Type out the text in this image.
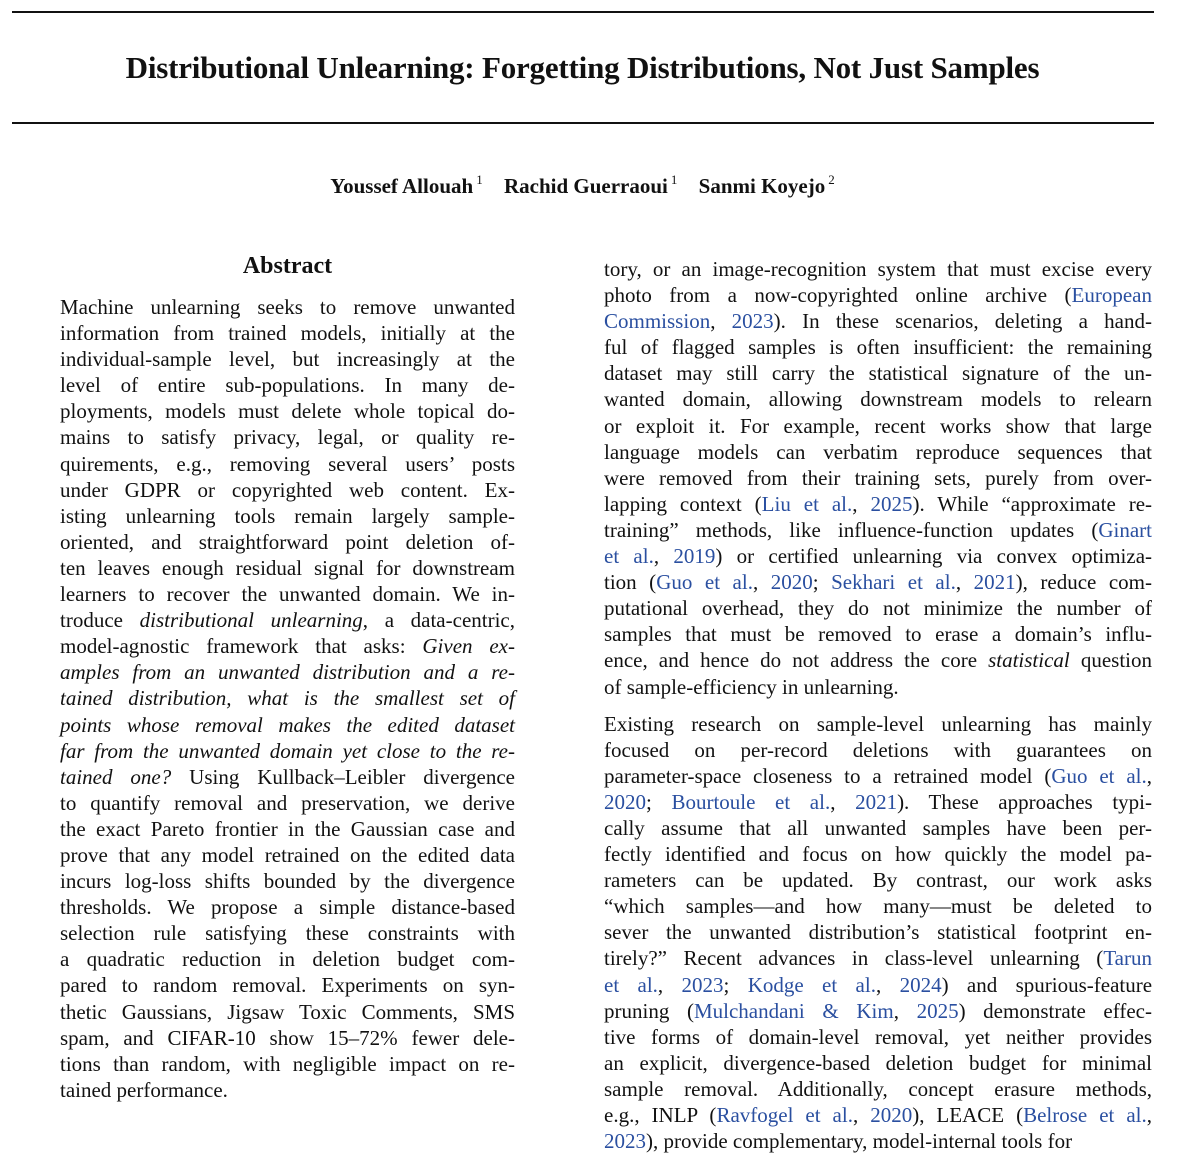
Distributional Unlearning: Forgetting Distributions, Not Just Samples
Youssef Allouah $^1$ Rachid Guerraoui $^1$ Sanmi Koyejo $^2$
Abstract
Machine unlearning seeks to remove unwanted
information from trained models, initially at the
individual-sample level, but increasingly at the
level of entire sub-populations. In many de-
ployments, models must delete whole topical do-
mains to satisfy privacy, legal, or quality re-
quirements, e.g., removing several users’ posts
under GDPR or copyrighted web content. Ex-
isting unlearning tools remain largely sample-
oriented, and straightforward point deletion of-
ten leaves enough residual signal for downstream
learners to recover the unwanted domain. We in-
troduce distributional unlearning, a data-centric,
model-agnostic framework that asks: Given ex-
amples from an unwanted distribution and a re-
tained distribution, what is the smallest set of
points whose removal makes the edited dataset
far from the unwanted domain yet close to the re-
tained one? Using Kullback–Leibler divergence
to quantify removal and preservation, we derive
the exact Pareto frontier in the Gaussian case and
prove that any model retrained on the edited data
incurs log-loss shifts bounded by the divergence
thresholds. We propose a simple distance-based
selection rule satisfying these constraints with
a quadratic reduction in deletion budget com-
pared to random removal. Experiments on syn-
thetic Gaussians, Jigsaw Toxic Comments, SMS
spam, and CIFAR-10 show 15–72% fewer dele-
tions than random, with negligible impact on re-
tained performance.
tory, or an image-recognition system that must excise every
photo from a now-copyrighted online archive (European
Commission, 2023). In these scenarios, deleting a hand-
ful of flagged samples is often insufficient: the remaining
dataset may still carry the statistical signature of the un-
wanted domain, allowing downstream models to relearn
or exploit it. For example, recent works show that large
language models can verbatim reproduce sequences that
were removed from their training sets, purely from over-
lapping context (Liu et al., 2025). While “approximate re-
training” methods, like influence-function updates (Ginart
et al., 2019) or certified unlearning via convex optimiza-
tion (Guo et al., 2020; Sekhari et al., 2021), reduce com-
putational overhead, they do not minimize the number of
samples that must be removed to erase a domain’s influ-
ence, and hence do not address the core statistical question
of sample-efficiency in unlearning.
Existing research on sample-level unlearning has mainly
focused on per-record deletions with guarantees on
parameter-space closeness to a retrained model (Guo et al.,
2020; Bourtoule et al., 2021). These approaches typi-
cally assume that all unwanted samples have been per-
fectly identified and focus on how quickly the model pa-
rameters can be updated. By contrast, our work asks
“which samples—and how many—must be deleted to
sever the unwanted distribution’s statistical footprint en-
tirely?” Recent advances in class-level unlearning (Tarun
et al., 2023; Kodge et al., 2024) and spurious-feature
pruning (Mulchandani & Kim, 2025) demonstrate effec-
tive forms of domain-level removal, yet neither provides
an explicit, divergence-based deletion budget for minimal
sample removal. Additionally, concept erasure methods,
e.g., INLP (Ravfogel et al., 2020), LEACE (Belrose et al.,
2023), provide complementary, model-internal tools for
